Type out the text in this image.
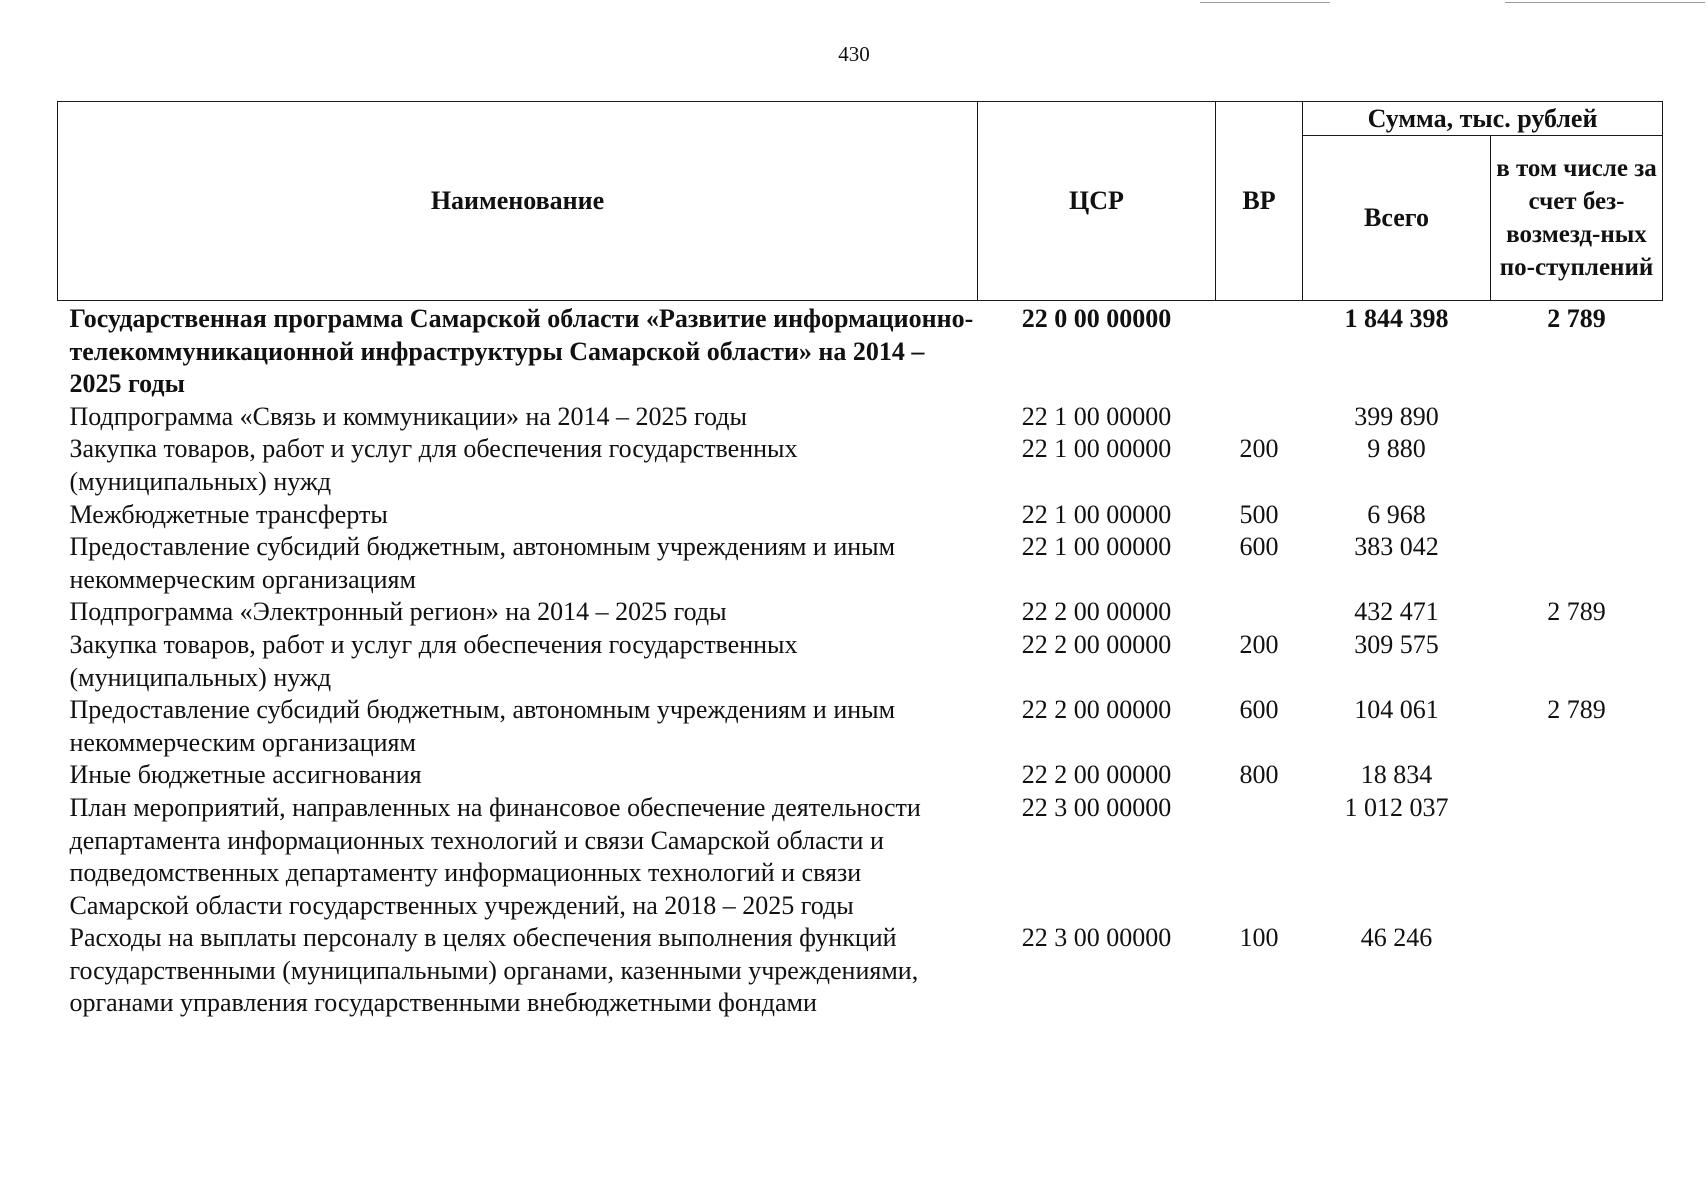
430
Наименование	ЦСР	ВР	Сумма, тыс. рублей	
			Всего	в том числе за счет без-возмезд-ных по-ступлений
Государственная программа Самарской области «Развитие информационно-телекоммуникационной инфраструктуры Самарской области» на 2014 – 2025 годы	22 0 00 00000		1 844 398	2 789
Подпрограмма «Связь и коммуникации» на 2014 – 2025 годы	22 1 00 00000		399 890	
Закупка товаров, работ и услуг для обеспечения государственных (муниципальных) нужд	22 1 00 00000	200	9 880	
Межбюджетные трансферты	22 1 00 00000	500	6 968	
Предоставление субсидий бюджетным, автономным учреждениям и иным некоммерческим организациям	22 1 00 00000	600	383 042	
Подпрограмма «Электронный регион» на 2014 – 2025 годы	22 2 00 00000		432 471	2 789
Закупка товаров, работ и услуг для обеспечения государственных (муниципальных) нужд	22 2 00 00000	200	309 575	
Предоставление субсидий бюджетным, автономным учреждениям и иным некоммерческим организациям	22 2 00 00000	600	104 061	2 789
Иные бюджетные ассигнования	22 2 00 00000	800	18 834	
План мероприятий, направленных на финансовое обеспечение деятельности департамента информационных технологий и связи Самарской области и подведомственных департаменту информационных технологий и связи Самарской области государственных учреждений, на 2018 – 2025 годы	22 3 00 00000		1 012 037	
Расходы на выплаты персоналу в целях обеспечения выполнения функций государственными (муниципальными) органами, казенными учреждениями, органами управления государственными внебюджетными фондами	22 3 00 00000	100	46 246	
